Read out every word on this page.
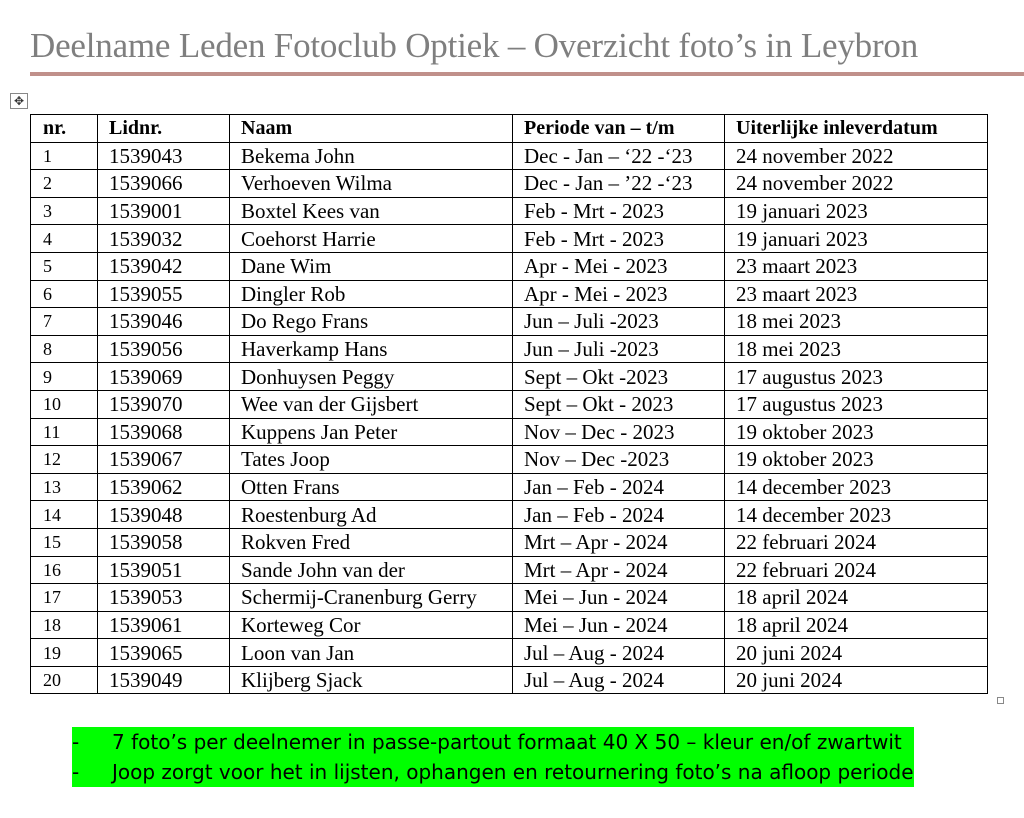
Deelname Leden Fotoclub Optiek – Overzicht foto’s in Leybron
✥
nr.	Lidnr.	Naam	Periode van – t/m	Uiterlijke inleverdatum
1	1539043	Bekema John	Dec - Jan – ‘22 -‘23	24 november 2022
2	1539066	Verhoeven Wilma	Dec - Jan – ’22 -‘23	24 november 2022
3	1539001	Boxtel Kees van	Feb - Mrt - 2023	19 januari 2023
4	1539032	Coehorst Harrie	Feb - Mrt - 2023	19 januari 2023
5	1539042	Dane Wim	Apr - Mei - 2023	23 maart 2023
6	1539055	Dingler Rob	Apr - Mei - 2023	23 maart 2023
7	1539046	Do Rego Frans	Jun – Juli -2023	18 mei 2023
8	1539056	Haverkamp Hans	Jun – Juli -2023	18 mei 2023
9	1539069	Donhuysen Peggy	Sept – Okt -2023	17 augustus 2023
10	1539070	Wee van der Gijsbert	Sept – Okt - 2023	17 augustus 2023
11	1539068	Kuppens Jan Peter	Nov – Dec - 2023	19 oktober 2023
12	1539067	Tates Joop	Nov – Dec -2023	19 oktober 2023
13	1539062	Otten Frans	Jan – Feb - 2024	14 december 2023
14	1539048	Roestenburg Ad	Jan – Feb - 2024	14 december 2023
15	1539058	Rokven Fred	Mrt – Apr - 2024	22 februari 2024
16	1539051	Sande John van der	Mrt – Apr - 2024	22 februari 2024
17	1539053	Schermij-Cranenburg Gerry	Mei – Jun - 2024	18 april 2024
18	1539061	Korteweg Cor	Mei – Jun - 2024	18 april 2024
19	1539065	Loon van Jan	Jul – Aug - 2024	20 juni 2024
20	1539049	Klijberg Sjack	Jul – Aug - 2024	20 juni 2024
-	7 foto’s per deelnemer in passe-partout formaat 40 X 50 – kleur en/of zwartwit
-	Joop zorgt voor het in lijsten, ophangen en retournering foto’s na afloop periode
